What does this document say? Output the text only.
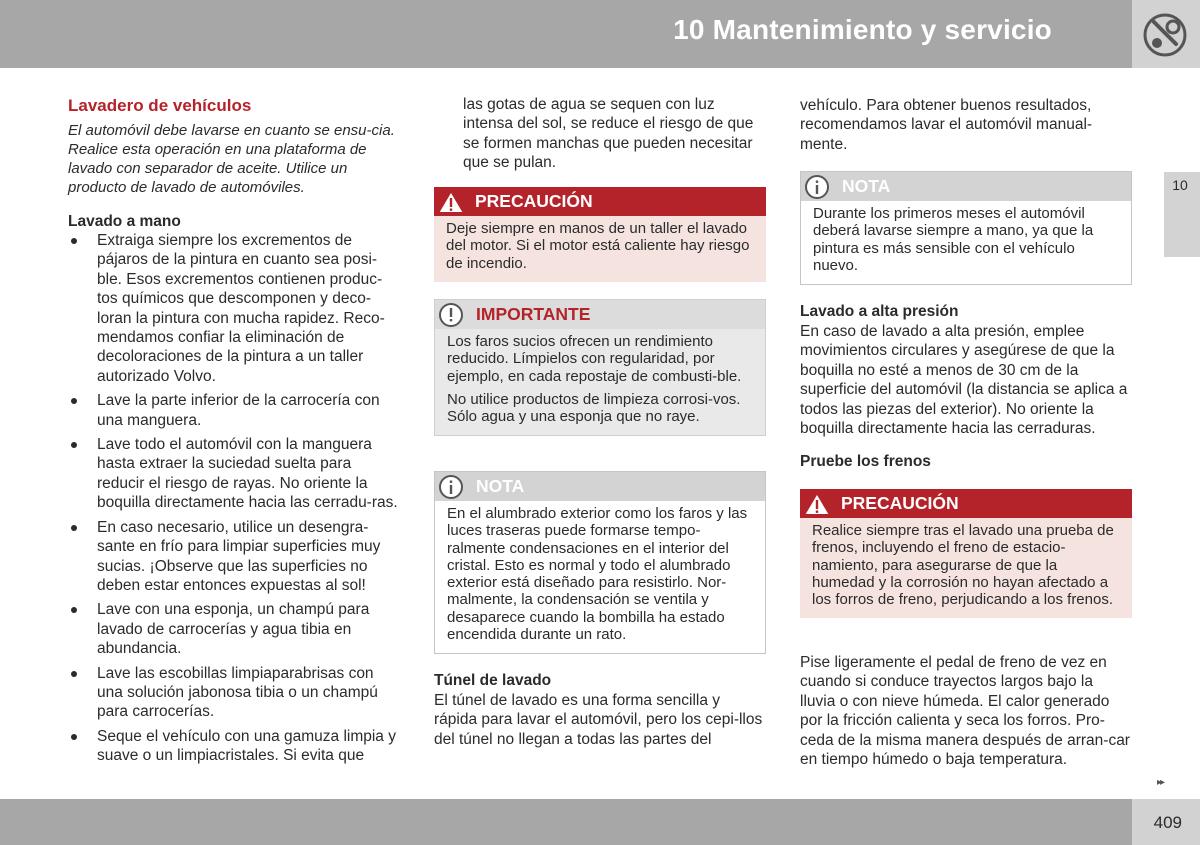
10 Mantenimiento y servicio
10
Lavadero de vehículos

El automóvil debe lavarse en cuanto se ensu-cia. Realice esta operación en una plataforma de lavado con separador de aceite. Utilice un producto de lavado de automóviles.

Lavado a mano
Extraiga siempre los excrementos de pájaros de la pintura en cuanto sea posi-ble. Esos excrementos contienen produc-tos químicos que descomponen y deco-loran la pintura con mucha rapidez. Reco-mendamos confiar la eliminación de decoloraciones de la pintura a un taller autorizado Volvo.
Lave la parte inferior de la carrocería con una manguera.
Lave todo el automóvil con la manguera hasta extraer la suciedad suelta para reducir el riesgo de rayas. No oriente la boquilla directamente hacia las cerradu-ras.
En caso necesario, utilice un desengra-sante en frío para limpiar superficies muy sucias. ¡Observe que las superficies no deben estar entonces expuestas al sol!
Lave con una esponja, un champú para lavado de carrocerías y agua tibia en abundancia.
Lave las escobillas limpiaparabrisas con una solución jabonosa tibia o un champú para carrocerías.
Seque el vehículo con una gamuza limpia y suave o un limpiacristales. Si evita que

las gotas de agua se sequen con luz intensa del sol, se reduce el riesgo de que se formen manchas que pueden necesitar que se pulan.

PRECAUCIÓN

Deje siempre en manos de un taller el lavado del motor. Si el motor está caliente hay riesgo de incendio.

IMPORTANTE

Los faros sucios ofrecen un rendimiento reducido. Límpielos con regularidad, por ejemplo, en cada repostaje de combusti-ble.

No utilice productos de limpieza corrosi-vos. Sólo agua y una esponja que no raye.

NOTA

En el alumbrado exterior como los faros y las luces traseras puede formarse tempo-ralmente condensaciones en el interior del cristal. Esto es normal y todo el alumbrado exterior está diseñado para resistirlo. Nor-malmente, la condensación se ventila y desaparece cuando la bombilla ha estado encendida durante un rato.

Túnel de lavado

El túnel de lavado es una forma sencilla y rápida para lavar el automóvil, pero los cepi-llos del túnel no llegan a todas las partes del

vehículo. Para obtener buenos resultados, recomendamos lavar el automóvil manual-mente.

NOTA

Durante los primeros meses el automóvil deberá lavarse siempre a mano, ya que la pintura es más sensible con el vehículo nuevo.

Lavado a alta presión

En caso de lavado a alta presión, emplee movimientos circulares y asegúrese de que la boquilla no esté a menos de 30 cm de la superficie del automóvil (la distancia se aplica a todos las piezas del exterior). No oriente la boquilla directamente hacia las cerraduras.

Pruebe los frenos
PRECAUCIÓN

Realice siempre tras el lavado una prueba de frenos, incluyendo el freno de estacio-namiento, para asegurarse de que la humedad y la corrosión no hayan afectado a los forros de freno, perjudicando a los frenos.

Pise ligeramente el pedal de freno de vez en cuando si conduce trayectos largos bajo la lluvia o con nieve húmeda. El calor generado por la fricción calienta y seca los forros. Pro-ceda de la misma manera después de arran-car en tiempo húmedo o baja temperatura.

▸▸
409
